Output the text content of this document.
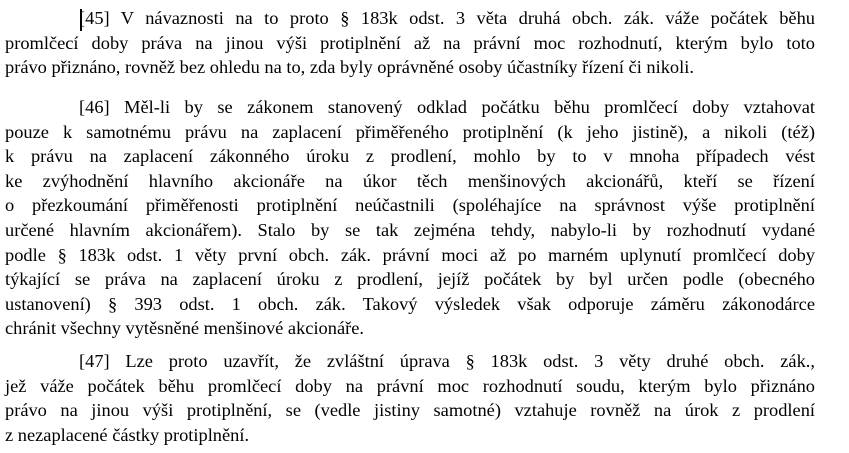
[45] V návaznosti na to proto § 183k odst. 3 věta druhá obch. zák. váže počátek běhu
promlčecí doby práva na jinou výši protiplnění až na právní moc rozhodnutí, kterým bylo toto
právo přiznáno, rovněž bez ohledu na to, zda byly oprávněné osoby účastníky řízení či nikoli.
[46] Měl-li by se zákonem stanovený odklad počátku běhu promlčecí doby vztahovat
pouze k samotnému právu na zaplacení přiměřeného protiplnění (k jeho jistině), a nikoli (též)
k právu na zaplacení zákonného úroku z prodlení, mohlo by to v mnoha případech vést
ke zvýhodnění hlavního akcionáře na úkor těch menšinových akcionářů, kteří se řízení
o přezkoumání přiměřenosti protiplnění neúčastnili (spoléhajíce na správnost výše protiplnění
určené hlavním akcionářem). Stalo by se tak zejména tehdy, nabylo-li by rozhodnutí vydané
podle § 183k odst. 1 věty první obch. zák. právní moci až po marném uplynutí promlčecí doby
týkající se práva na zaplacení úroku z prodlení, jejíž počátek by byl určen podle (obecného
ustanovení) § 393 odst. 1 obch. zák. Takový výsledek však odporuje záměru zákonodárce
chránit všechny vytěsněné menšinové akcionáře.
[47] Lze proto uzavřít, že zvláštní úprava § 183k odst. 3 věty druhé obch. zák.,
jež váže počátek běhu promlčecí doby na právní moc rozhodnutí soudu, kterým bylo přiznáno
právo na jinou výši protiplnění, se (vedle jistiny samotné) vztahuje rovněž na úrok z prodlení
z nezaplacené částky protiplnění.
